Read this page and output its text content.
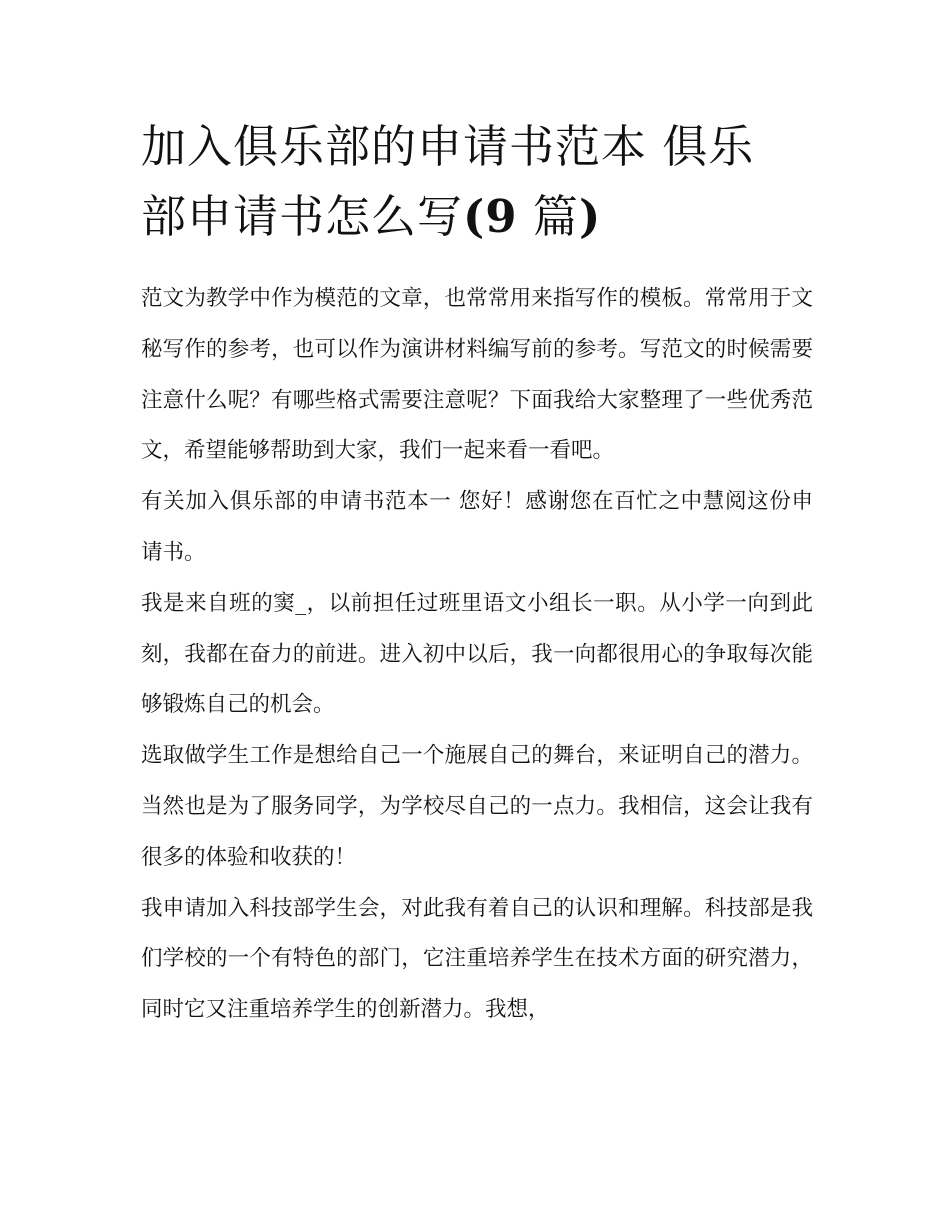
加入俱乐部的申请书范本 俱乐
部申请书怎么写(9 篇)

范文为教学中作为模范的文章，也常常用来指写作的模板。常常用于文秘写作的参考，也可以作为演讲材料编写前的参考。写范文的时候需要注意什么呢？有哪些格式需要注意呢？下面我给大家整理了一些优秀范文，希望能够帮助到大家，我们一起来看一看吧。

有关加入俱乐部的申请书范本一 您好！感谢您在百忙之中慧阅这份申请书。

我是来自班的窦_，以前担任过班里语文小组长一职。从小学一向到此刻，我都在奋力的前进。进入初中以后，我一向都很用心的争取每次能够锻炼自己的机会。

选取做学生工作是想给自己一个施展自己的舞台，来证明自己的潜力。当然也是为了服务同学，为学校尽自己的一点力。我相信，这会让我有很多的体验和收获的！

我申请加入科技部学生会，对此我有着自己的认识和理解。科技部是我们学校的一个有特色的部门，它注重培养学生在技术方面的研究潜力，同时它又注重培养学生的创新潜力。我想，
